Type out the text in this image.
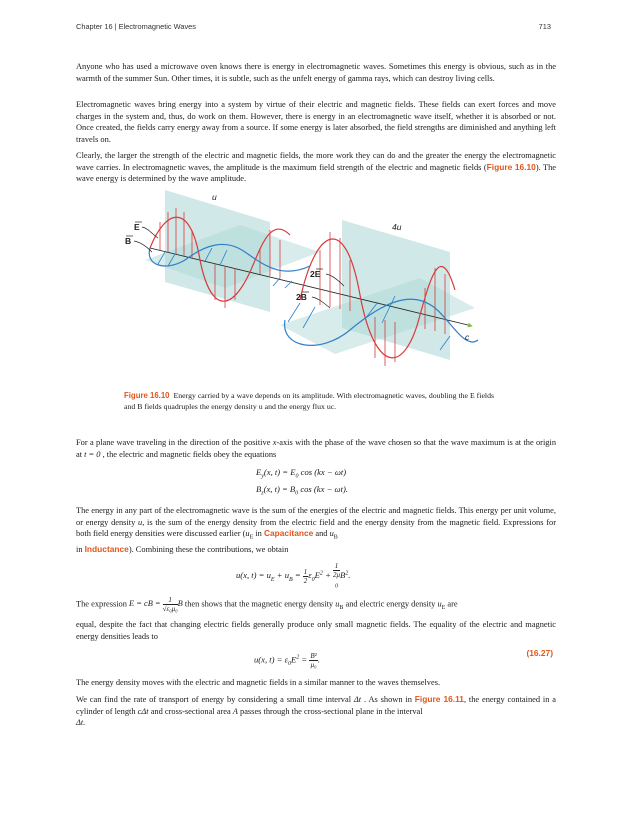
Chapter 16 | Electromagnetic Waves	713

Anyone who has used a microwave oven knows there is energy in electromagnetic waves. Sometimes this energy is obvious, such as in the warmth of the summer Sun. Other times, it is subtle, such as the unfelt energy of gamma rays, which can destroy living cells.

Electromagnetic waves bring energy into a system by virtue of their electric and magnetic fields. These fields can exert forces and move charges in the system and, thus, do work on them. However, there is energy in an electromagnetic wave itself, whether it is absorbed or not. Once created, the fields carry energy away from a source. If some energy is later absorbed, the field strengths are diminished and anything left travels on.

Clearly, the larger the strength of the electric and magnetic fields, the more work they can do and the greater the energy the electromagnetic wave carries. In electromagnetic waves, the amplitude is the maximum field strength of the electric and magnetic fields (Figure 16.10). The wave energy is determined by the wave amplitude.

u
4u
E
B
2E
2B
c
Figure 16.10 Energy carried by a wave depends on its amplitude. With electromagnetic waves, doubling the E fields and B fields quadruples the energy density u and the energy flux uc.

For a plane wave traveling in the direction of the positive x-axis with the phase of the wave chosen so that the wave maximum is at the origin at t = 0 , the electric and magnetic fields obey the equations

$E_y(x$, $t) = E_0$ cos (kx − ωt)
$B_z(x$, $t) = B_0$ cos (kx − ωt).

The energy in any part of the electromagnetic wave is the sum of the energies of the electric and magnetic fields. This energy per unit volume, or energy density u, is the sum of the energy density from the electric field and the energy density from the magnetic field. Expressions for both field energy densities were discussed earlier ($u_E$ in Capacitance and $u_B$
in Inductance). Combining these the contributions, we obtain

u(x, $t) = u_E + u_B = \frac{1}{2} \varepsilon_0E^2 + 1$
2μ
$_0$ $B^2$.

The expression E = cB = $\frac{1}{\text{√ε₀μ₀}}$ B then shows that the magnetic energy density $u_B$ and electric energy density $u_E$ are

equal, despite the fact that changing electric fields generally produce only small magnetic fields. The equality of the electric and magnetic energy densities leads to

u(x, $t) = \varepsilon_0E^2 = \frac{\text{B²}}{\text{μ₀}}$ .
(16.27)

The energy density moves with the electric and magnetic fields in a similar manner to the waves themselves.

We can find the rate of transport of energy by considering a small time interval Δt . As shown in Figure 16.11, the energy contained in a cylinder of length cΔt and cross-sectional area A passes through the cross-sectional plane in the interval
Δt.
